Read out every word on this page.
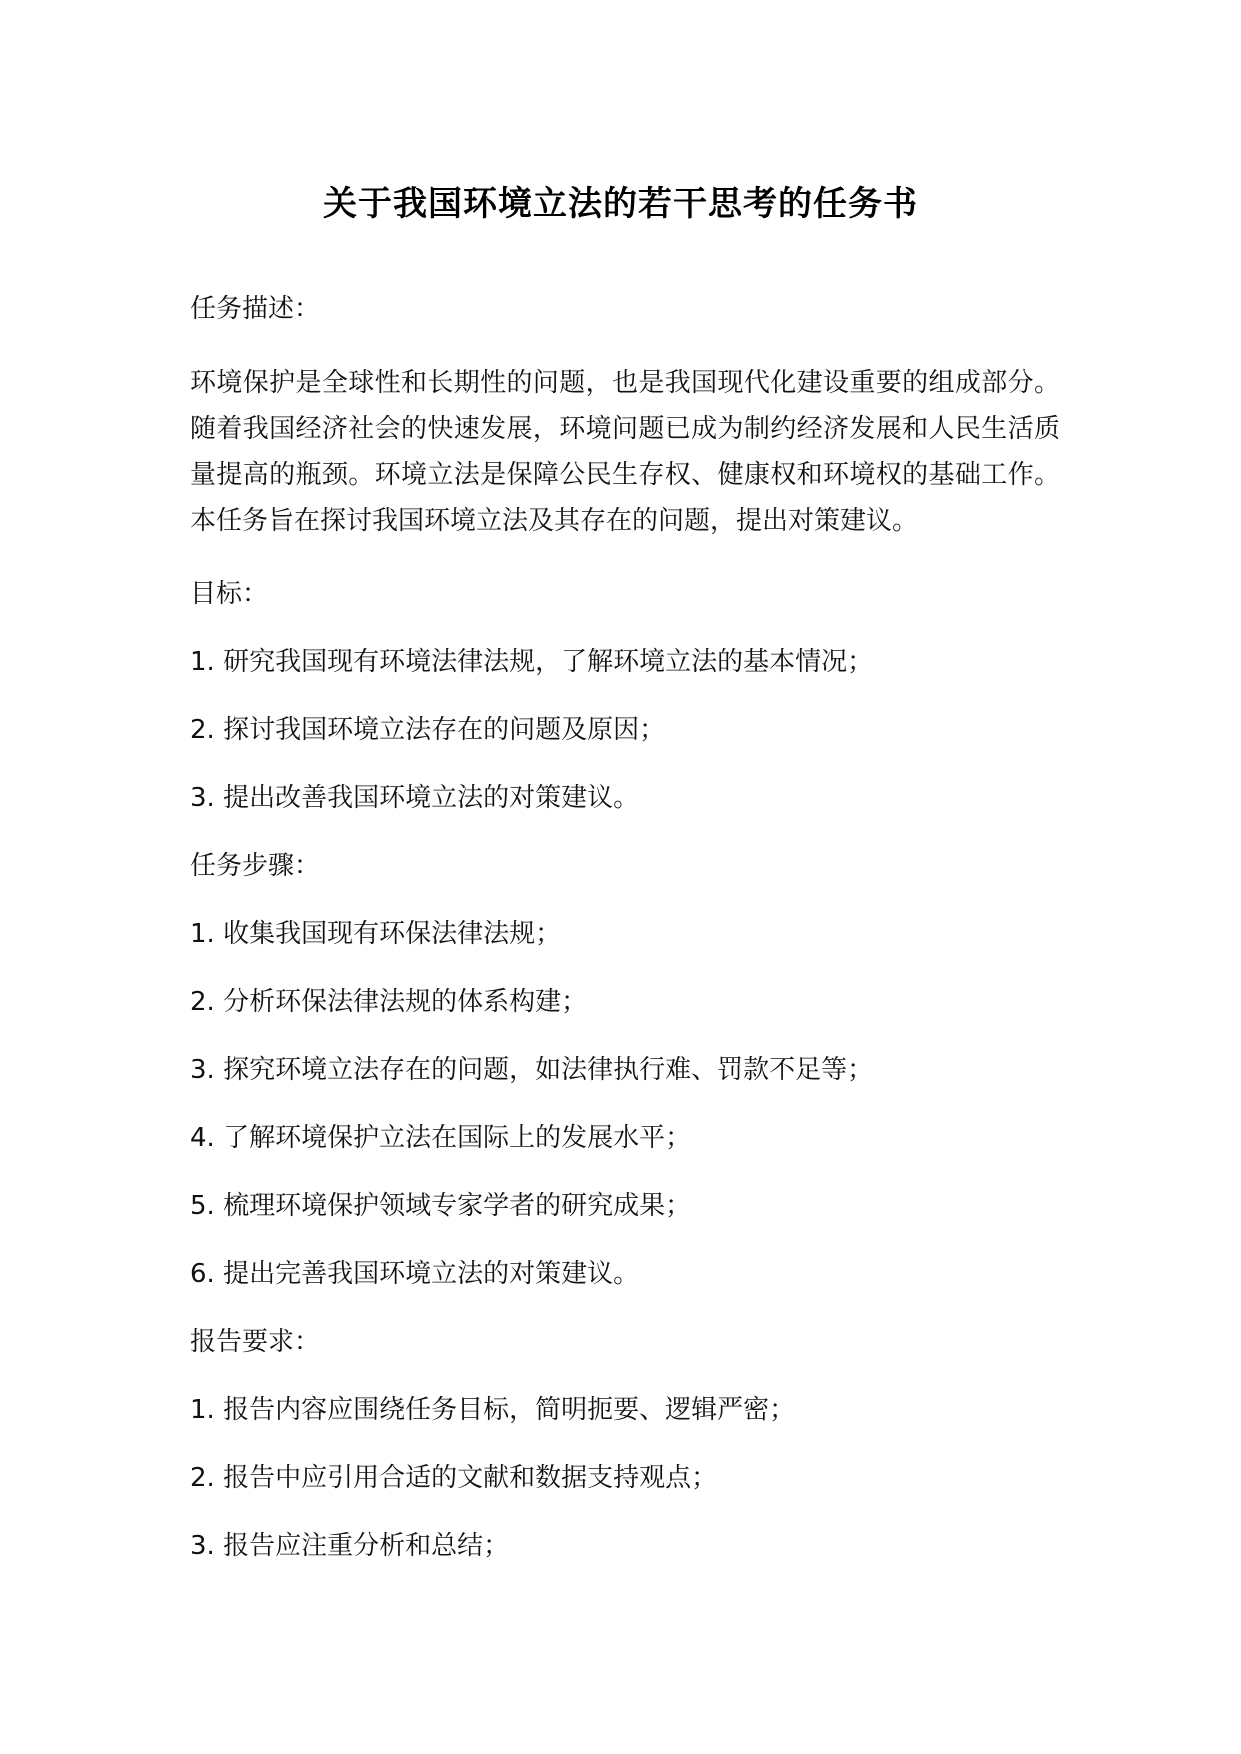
关于我国环境立法的若干思考的任务书

任务描述：

环境保护是全球性和长期性的问题，也是我国现代化建设重要的组成部分。随着我国经济社会的快速发展，环境问题已成为制约经济发展和人民生活质量提高的瓶颈。环境立法是保障公民生存权、健康权和环境权的基础工作。本任务旨在探讨我国环境立法及其存在的问题，提出对策建议。

目标：

1. 研究我国现有环境法律法规，了解环境立法的基本情况；

2. 探讨我国环境立法存在的问题及原因；

3. 提出改善我国环境立法的对策建议。

任务步骤：

1. 收集我国现有环保法律法规；

2. 分析环保法律法规的体系构建；

3. 探究环境立法存在的问题，如法律执行难、罚款不足等；

4. 了解环境保护立法在国际上的发展水平；

5. 梳理环境保护领域专家学者的研究成果；

6. 提出完善我国环境立法的对策建议。

报告要求：

1. 报告内容应围绕任务目标，简明扼要、逻辑严密；

2. 报告中应引用合适的文献和数据支持观点；

3. 报告应注重分析和总结；
